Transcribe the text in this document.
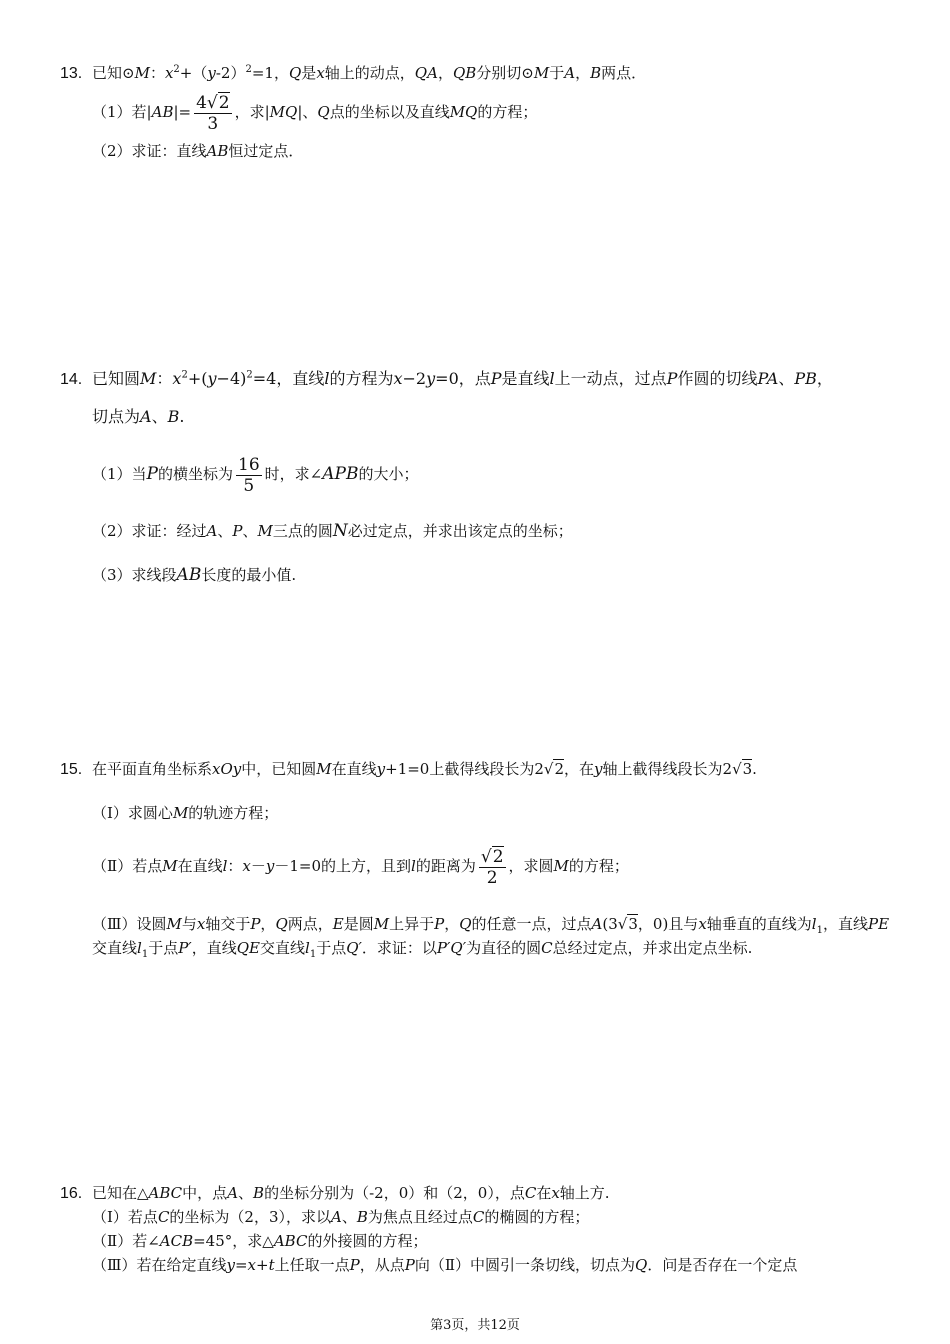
13. 已知⊙M：$x^2+(y-2)^2=1$，Q是x轴上的动点，QA，QB分别切⊙M于A，B两点．
（1）若$|AB|= \frac{4√2}{3}$ ，求|MQ|、Q点的坐标以及直线MQ的方程；
（2）求证：直线AB恒过定点．
14. 已知圆M：$x^2+(y-4)^2=4$，直线l的方程为x−2y=0，点P是直线l上一动点，过点P作圆的切线PA、PB，
切点为A、B.
（1）当P的横坐标为 $\frac{16}{5}$ 时，求∠APB的大小；
（2）求证：经过A、P、M三点的圆N必过定点，并求出该定点的坐标；
（3）求线段AB长度的最小值.
15. 在平面直角坐标系xOy中，已知圆M在直线y+1=0上截得线段长为2√2，在y轴上截得线段长为2√3.
（Ⅰ）求圆心M的轨迹方程；
（Ⅱ）若点M在直线l：x－y－1=0的上方，且到l的距离为 $\frac{√2}{2}$ ，求圆M的方程；
（Ⅲ）设圆M与x轴交于P，Q两点，E是圆M上异于P，Q的任意一点，过点A(3√3，0)且与x轴垂直的直线为$l_1$，直线PE交直线$l_1$于点P′，直线QE交直线$l_1$于点Q′．求证：以P′Q′为直径的圆C总经过定点，并求出定点坐标.
16. 已知在△ABC中，点A、B的坐标分别为（-2，0）和（2，0），点C在x轴上方.
（Ⅰ）若点C的坐标为（2，3），求以A、B为焦点且经过点C的椭圆的方程；
（Ⅱ）若∠ACB=45°，求△ABC的外接圆的方程；
（Ⅲ）若在给定直线y=x+t上任取一点P，从点P向（Ⅱ）中圆引一条切线，切点为Q．问是否存在一个定点
第3页，共12页
